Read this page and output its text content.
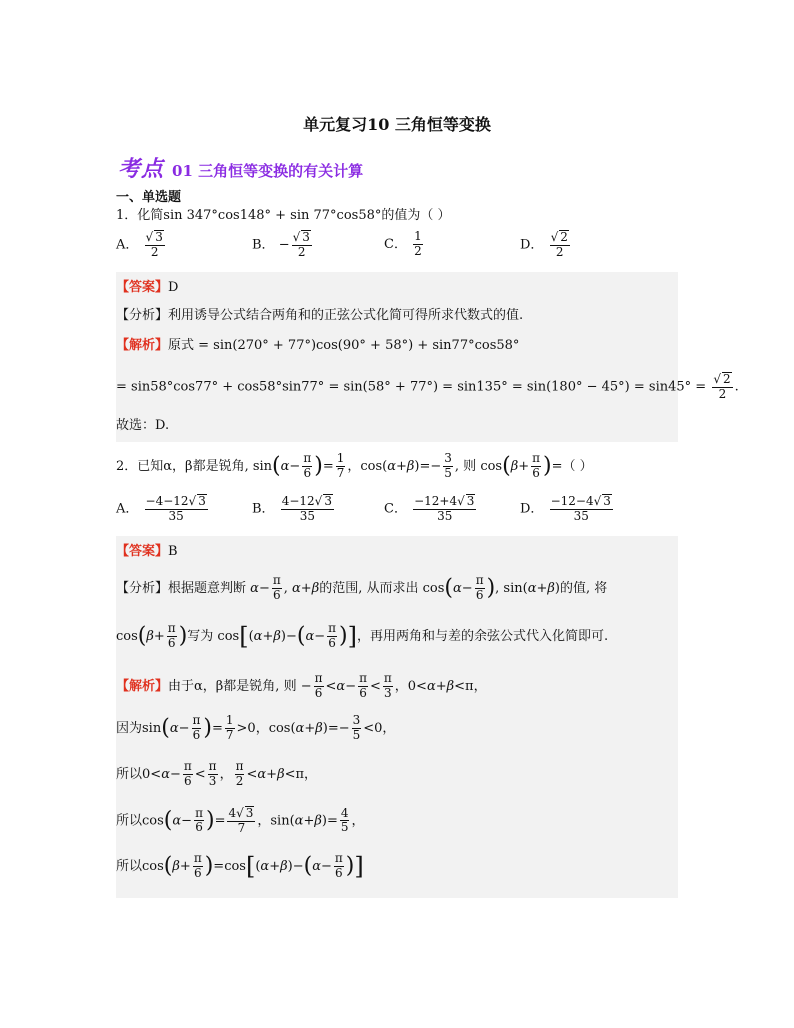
单元复习10 三角恒等变换
考点 01 三角恒等变换的有关计算
一、单选题
1．化简sin 347°cos148° + sin 77°cos58°的值为（ ）
A． $\frac{√ 3}{2}$	B． − $\frac{√ 3}{2}$	C． $\frac{1}{2}$	D． $\frac{√ 2}{2}$
【答案】D
【分析】利用诱导公式结合两角和的正弦公式化简可得所求代数式的值.
【解析】原式 = sin(270° + 77°)cos(90° + 58°) + sin77°cos58°
= $\sin 58^\circ\cos 77^\circ + \cos 58^\circ\sin 77^\circ = \sin(58^\circ + 77^\circ) = \sin 135^\circ = \sin(180^\circ - 45^\circ) = \sin 45^\circ = \frac{√ 2}{2}$ .
故选：D.
2．已知α，β都是锐角, $\sin(\alpha- \frac{\pi}{6}$ )= $\frac{1}{7}$ ，$\cos(\alpha+\beta)=- \frac{3}{5}$ , 则 $\cos(\beta+ \frac{\pi}{6}$ )=（ ）
A． $\frac{-4-12√ 3}{35}$	B． $\frac{4-12√ 3}{35}$	C． $\frac{-12+4√ 3}{35}$	D． $\frac{-12-4√ 3}{35}$
【答案】B
【分析】根据题意判断 $\alpha- \frac{\pi}{6}$ , α+β的范围, 从而求出 $\cos(\alpha- \frac{\pi}{6}$ ), sin(α+β)的值, 将
$\cos(\beta+ \frac{\pi}{6}$ )写为 $\cos[(\alpha+\beta)-(\alpha- \frac{\pi}{6}$ )]，再用两角和与差的余弦公式代入化简即可.
【解析】由于α，β都是锐角, 则 − $\frac{\pi}{6} <\alpha- \frac{\pi}{6} < \frac{\pi}{3}$ ，0<α+β<π，
因为$\sin(\alpha- \frac{\pi}{6}$ )= $\frac{1}{7} >0$，$\cos(\alpha+\beta)=- \frac{3}{5} <0$，
所以$0<\alpha- \frac{\pi}{6} < \frac{\pi}{3}$ ， $\frac{\pi}{2} <\alpha+\beta<\pi$，
所以$\cos(\alpha- \frac{\pi}{6}$ )= $\frac{4√ 3}{7}$ ，$\sin(\alpha+\beta)= \frac{4}{5}$ ，
所以$\cos(\beta+ \frac{\pi}{6} )=\cos[(\alpha+\beta)-(\alpha- \frac{\pi}{6}$ )]
